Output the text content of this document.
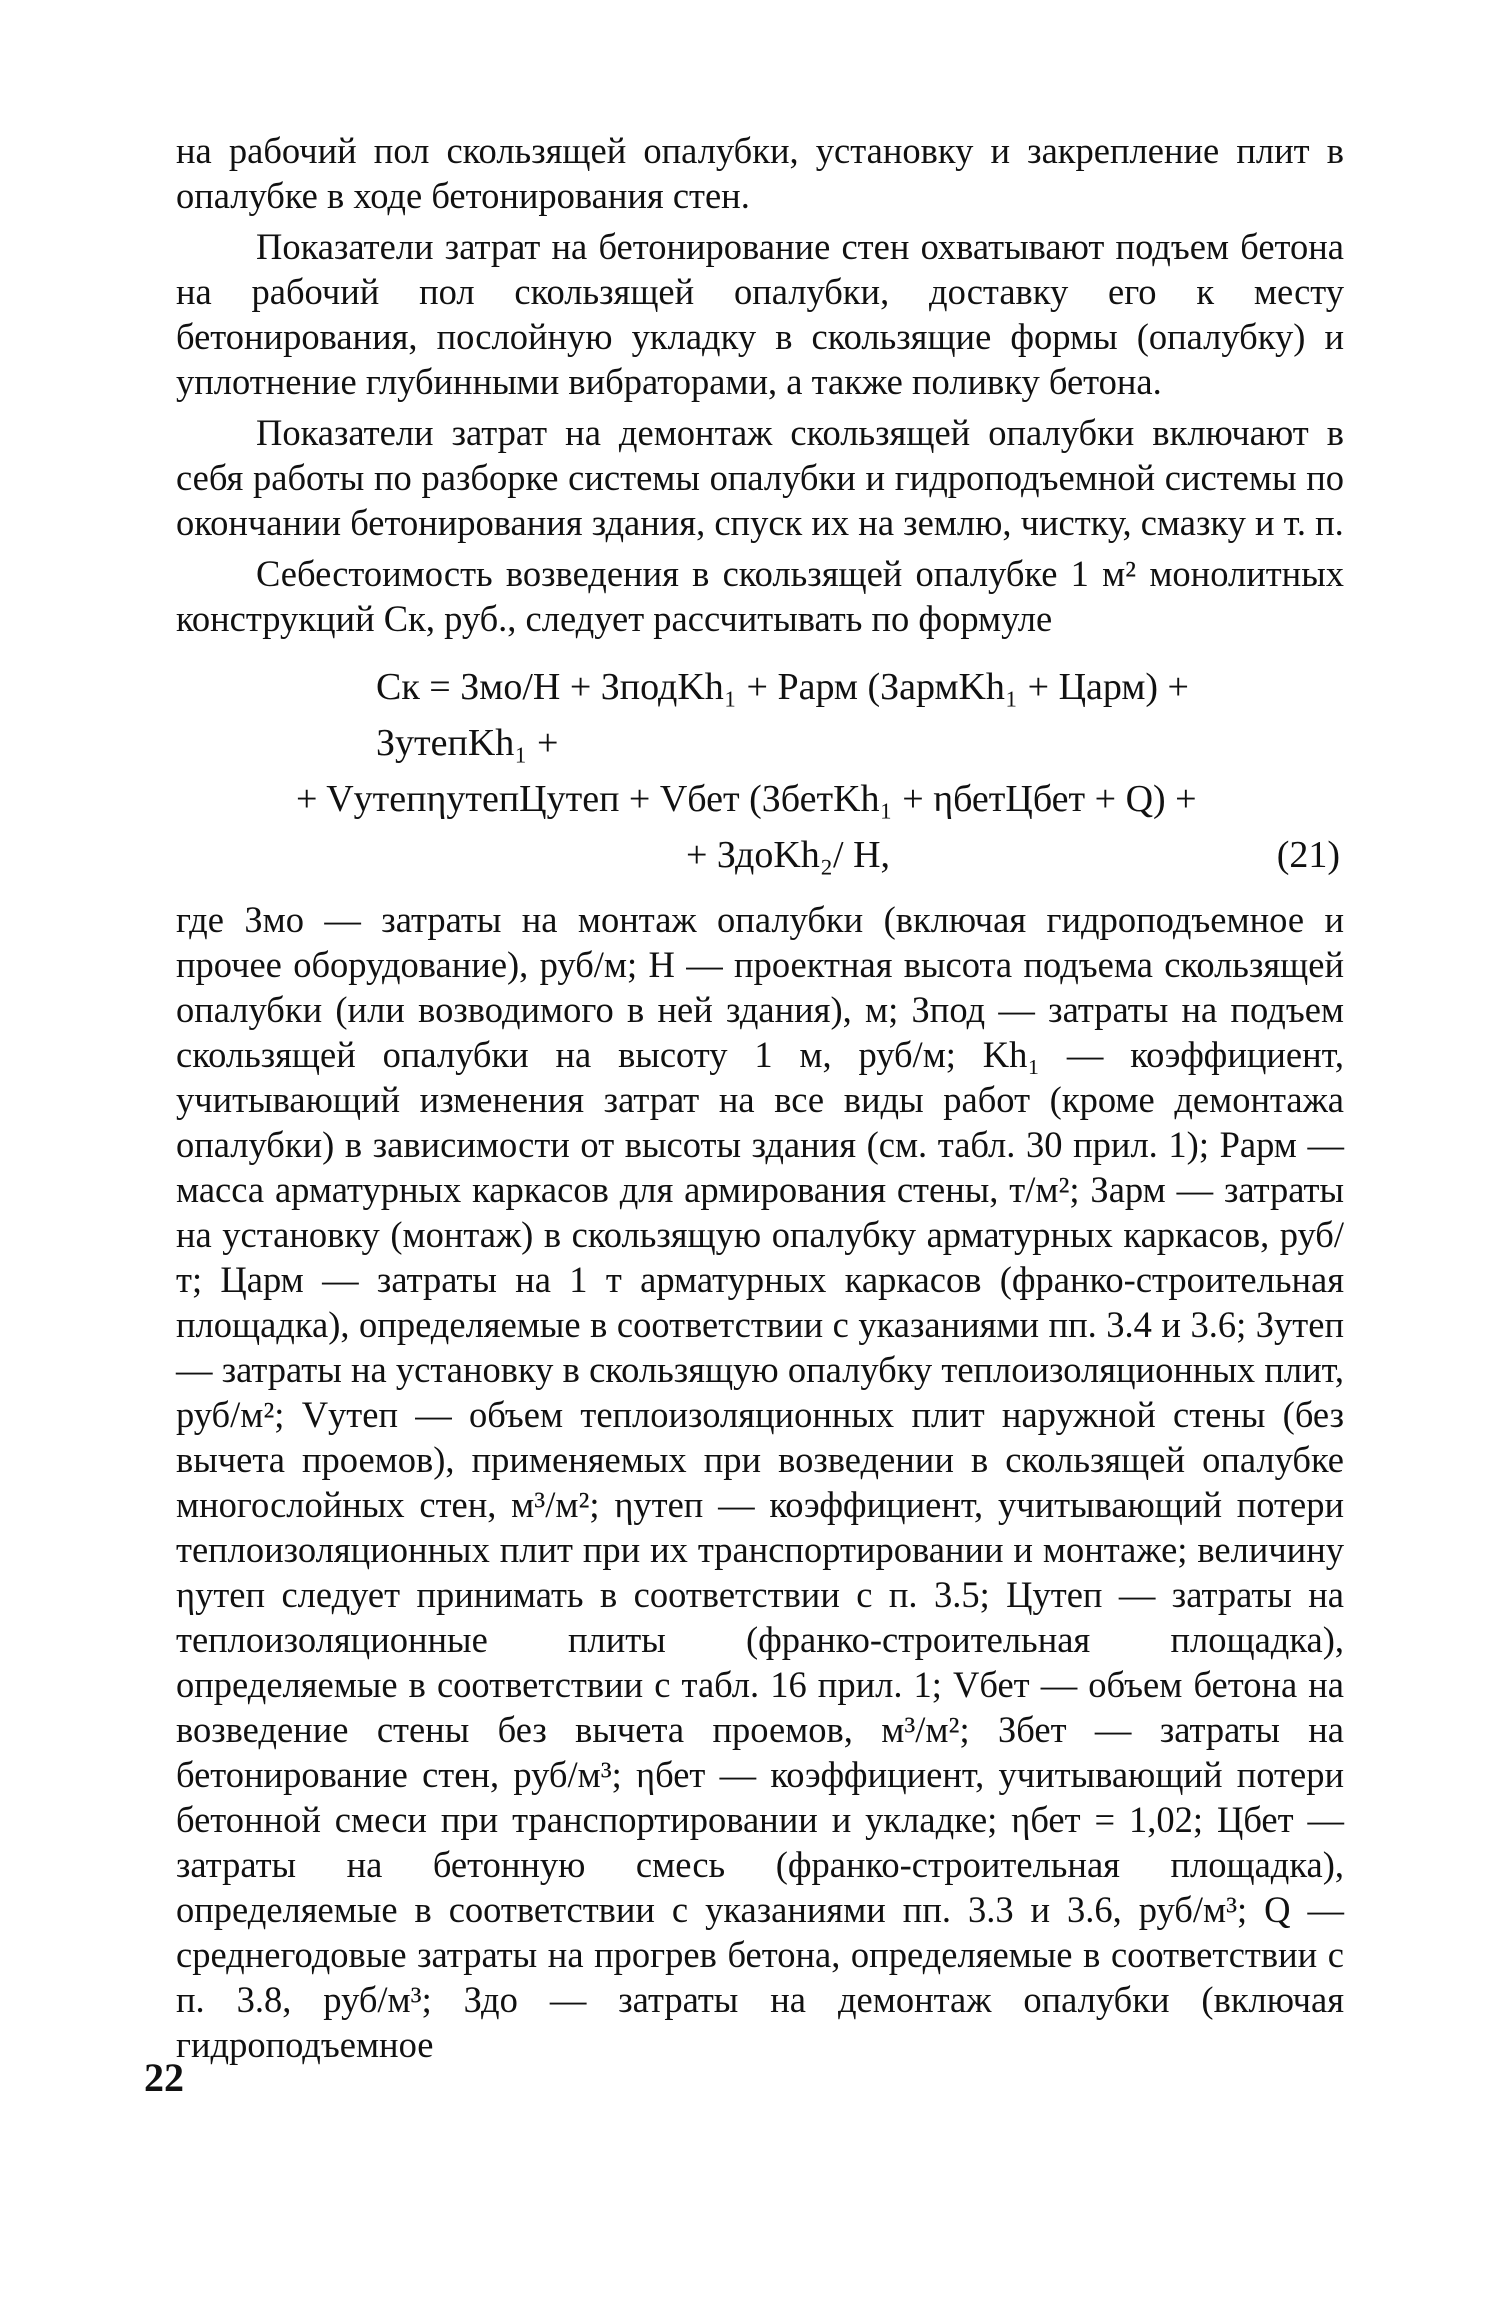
на рабочий пол скользящей опалубки, установку и закрепление плит в опалубке в ходе бетонирования стен.

Показатели затрат на бетонирование стен охватывают подъем бетона на рабочий пол скользящей опалубки, доставку его к месту бетонирования, послойную укладку в скользящие формы (опалубку) и уплотнение глубинными вибраторами, а также поливку бетона.

Показатели затрат на демонтаж скользящей опалубки включают в себя работы по разборке системы опалубки и гидроподъемной системы по окончании бетонирования здания, спуск их на землю, чистку, смазку и т. п.

Себестоимость возведения в скользящей опалубке 1 м² монолитных конструкций Cк, руб., следует рассчитывать по формуле

Cк = Змо/H + ЗподKh₁ + Pарм (ЗармKh₁ + Царм) + ЗутепKh₁ +
+ VутепηутепЦутеп + Vбет (ЗбетKh₁ + ηбетЦбет + Q) +
+ ЗдоKh₂/ H,	(21)

где Змо — затраты на монтаж опалубки (включая гидроподъемное и прочее оборудование), руб/м; H — проектная высота подъема скользящей опалубки (или возводимого в ней здания), м; Зпод — затраты на подъем скользящей опалубки на высоту 1 м, руб/м; Kh₁ — коэффициент, учитывающий изменения затрат на все виды работ (кроме демонтажа опалубки) в зависимости от высоты здания (см. табл. 30 прил. 1); Pарм — масса арматурных каркасов для армирования стены, т/м²; Зарм — затраты на установку (монтаж) в скользящую опалубку арматурных каркасов, руб/т; Царм — затраты на 1 т арматурных каркасов (франко-строительная площадка), определяемые в соответствии с указаниями пп. 3.4 и 3.6; Зутеп — затраты на установку в скользящую опалубку теплоизоляционных плит, руб/м²; Vутеп — объем теплоизоляционных плит наружной стены (без вычета проемов), применяемых при возведении в скользящей опалубке многослойных стен, м³/м²; ηутеп — коэффициент, учитывающий потери теплоизоляционных плит при их транспортировании и монтаже; величину ηутеп следует принимать в соответствии с п. 3.5; Цутеп — затраты на теплоизоляционные плиты (франко-строительная площадка), определяемые в соответствии с табл. 16 прил. 1; Vбет — объем бетона на возведение стены без вычета проемов, м³/м²; Збет — затраты на бетонирование стен, руб/м³; ηбет — коэффициент, учитывающий потери бетонной смеси при транспортировании и укладке; ηбет = 1,02; Цбет — затраты на бетонную смесь (франко-строительная площадка), определяемые в соответствии с указаниями пп. 3.3 и 3.6, руб/м³; Q — среднегодовые затраты на прогрев бетона, определяемые в соответствии с п. 3.8, руб/м³; Здо — затраты на демонтаж опалубки (включая гидроподъемное

22
